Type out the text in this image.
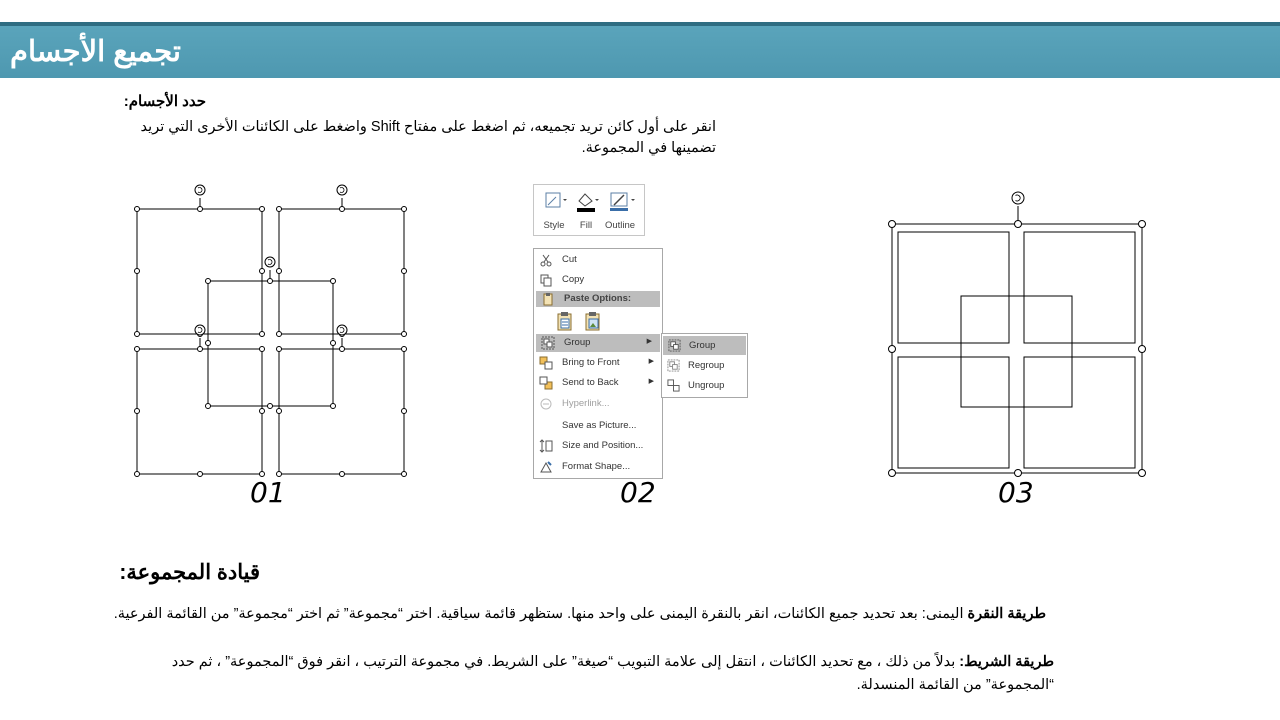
تجميع الأجسام
حدد الأجسام:
انقر على أول كائن تريد تجميعه، ثم اضغط على مفتاح Shift واضغط على الكائنات الأخرى التي تريد تضمينها في المجموعة.
01
Style	Fill	Outline
Cut
Copy
Paste Options:
Group	▶
Bring to Front	▶
Send to Back	▶
Hyperlink...
Save as Picture...
Size and Position...
Format Shape...
Group
Regroup
Ungroup
02	03
قيادة المجموعة:
طريقة النقرة اليمنى: بعد تحديد جميع الكائنات، انقر بالنقرة اليمنى على واحد منها. ستظهر قائمة سياقية. اختر “مجموعة” ثم اختر “مجموعة” من القائمة الفرعية.
طريقة الشريط: بدلاً من ذلك ، مع تحديد الكائنات ، انتقل إلى علامة التبويب “صيغة” على الشريط. في مجموعة الترتيب ، انقر فوق “المجموعة” ، ثم حدد “المجموعة” من القائمة المنسدلة.
